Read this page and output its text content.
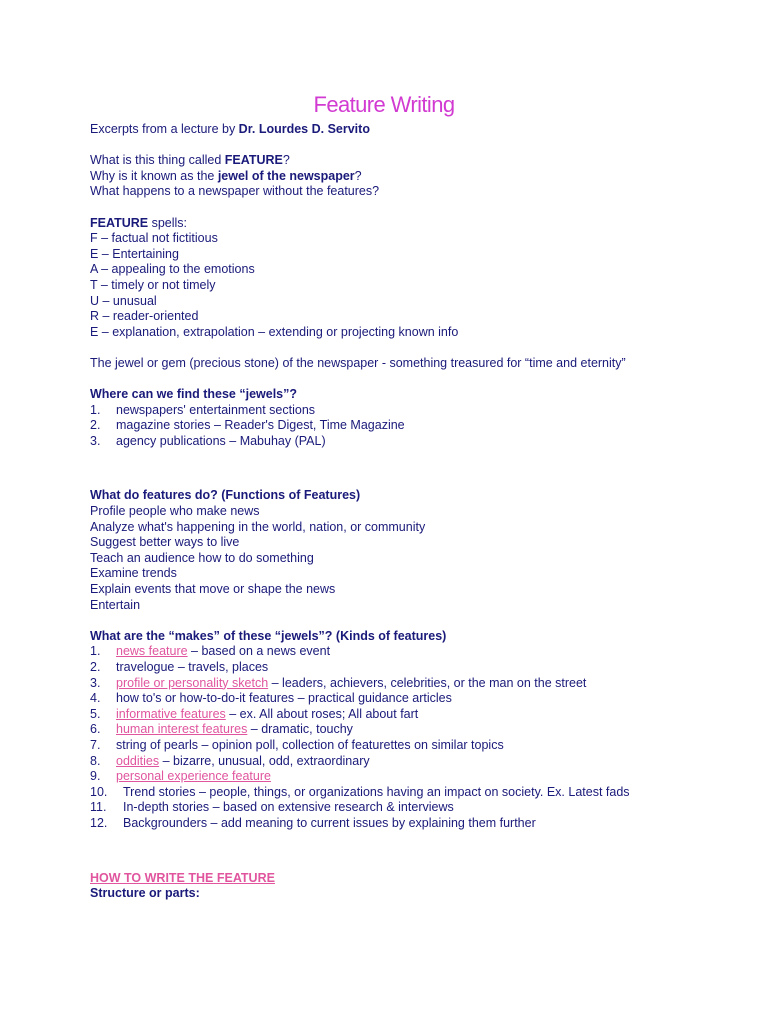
Feature Writing
Excerpts from a lecture by Dr. Lourdes D. Servito
What is this thing called FEATURE?
Why is it known as the jewel of the newspaper?
What happens to a newspaper without the features?
FEATURE spells:
F – factual not fictitious
E – Entertaining
A – appealing to the emotions
T – timely or not timely
U – unusual
R – reader-oriented
E – explanation, extrapolation – extending or projecting known info
The jewel or gem (precious stone) of the newspaper - something treasured for “time and eternity”
Where can we find these “jewels”?
1. newspapers' entertainment sections
2. magazine stories – Reader's Digest, Time Magazine
3. agency publications – Mabuhay (PAL)
What do features do? (Functions of Features)
Profile people who make news
Analyze what's happening in the world, nation, or community
Suggest better ways to live
Teach an audience how to do something
Examine trends
Explain events that move or shape the news
Entertain
What are the “makes” of these “jewels”? (Kinds of features)
1. news feature – based on a news event
2. travelogue – travels, places
3. profile or personality sketch – leaders, achievers, celebrities, or the man on the street
4. how to's or how-to-do-it features – practical guidance articles
5. informative features – ex. All about roses; All about fart
6. human interest features – dramatic, touchy
7. string of pearls – opinion poll, collection of featurettes on similar topics
8. oddities – bizarre, unusual, odd, extraordinary
9. personal experience feature
10. Trend stories – people, things, or organizations having an impact on society. Ex. Latest fads
11. In-depth stories – based on extensive research & interviews
12. Backgrounders – add meaning to current issues by explaining them further
HOW TO WRITE THE FEATURE
Structure or parts:
